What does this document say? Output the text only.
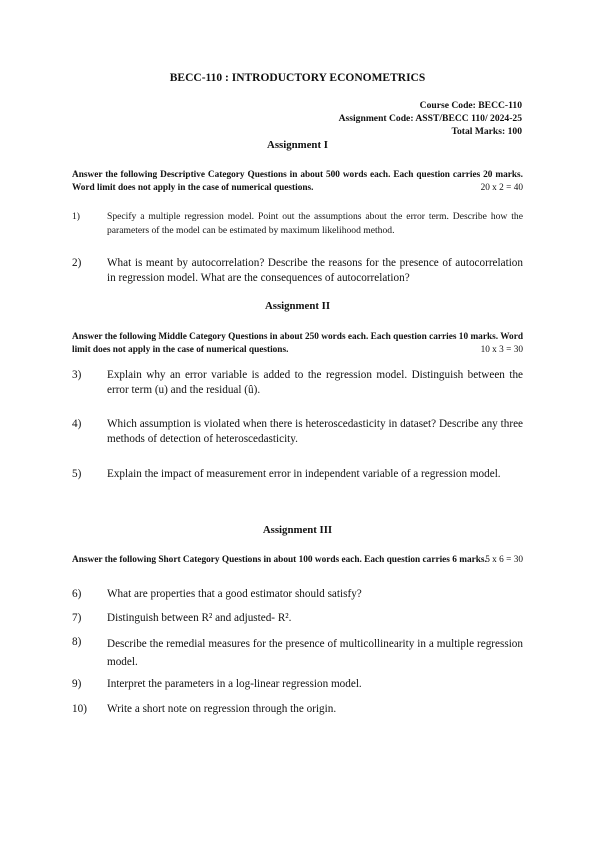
BECC-110 : INTRODUCTORY ECONOMETRICS
Course Code: BECC-110
Assignment Code: ASST/BECC 110/ 2024-25
Total Marks: 100
Assignment I
Answer the following Descriptive Category Questions in about 500 words each. Each question carries 20 marks. Word limit does not apply in the case of numerical questions.	20 x 2 = 40
1)	Specify a multiple regression model. Point out the assumptions about the error term. Describe how the parameters of the model can be estimated by maximum likelihood method.
2) What is meant by autocorrelation? Describe the reasons for the presence of autocorrelation in regression model. What are the consequences of autocorrelation?
Assignment II
Answer the following Middle Category Questions in about 250 words each. Each question carries 10 marks. Word limit does not apply in the case of numerical questions.	10 x 3 = 30
3) Explain why an error variable is added to the regression model. Distinguish between the error term (u) and the residual (û).
4) Which assumption is violated when there is heteroscedasticity in dataset? Describe any three methods of detection of heteroscedasticity.
5) Explain the impact of measurement error in independent variable of a regression model.
Assignment III
Answer the following Short Category Questions in about 100 words each. Each question carries 6 marks.
5 x 6 = 30
6) What are properties that a good estimator should satisfy?
7) Distinguish between R² and adjusted- R².
8) Describe the remedial measures for the presence of multicollinearity in a multiple regression model.
9) Interpret the parameters in a log-linear regression model.
10) Write a short note on regression through the origin.
